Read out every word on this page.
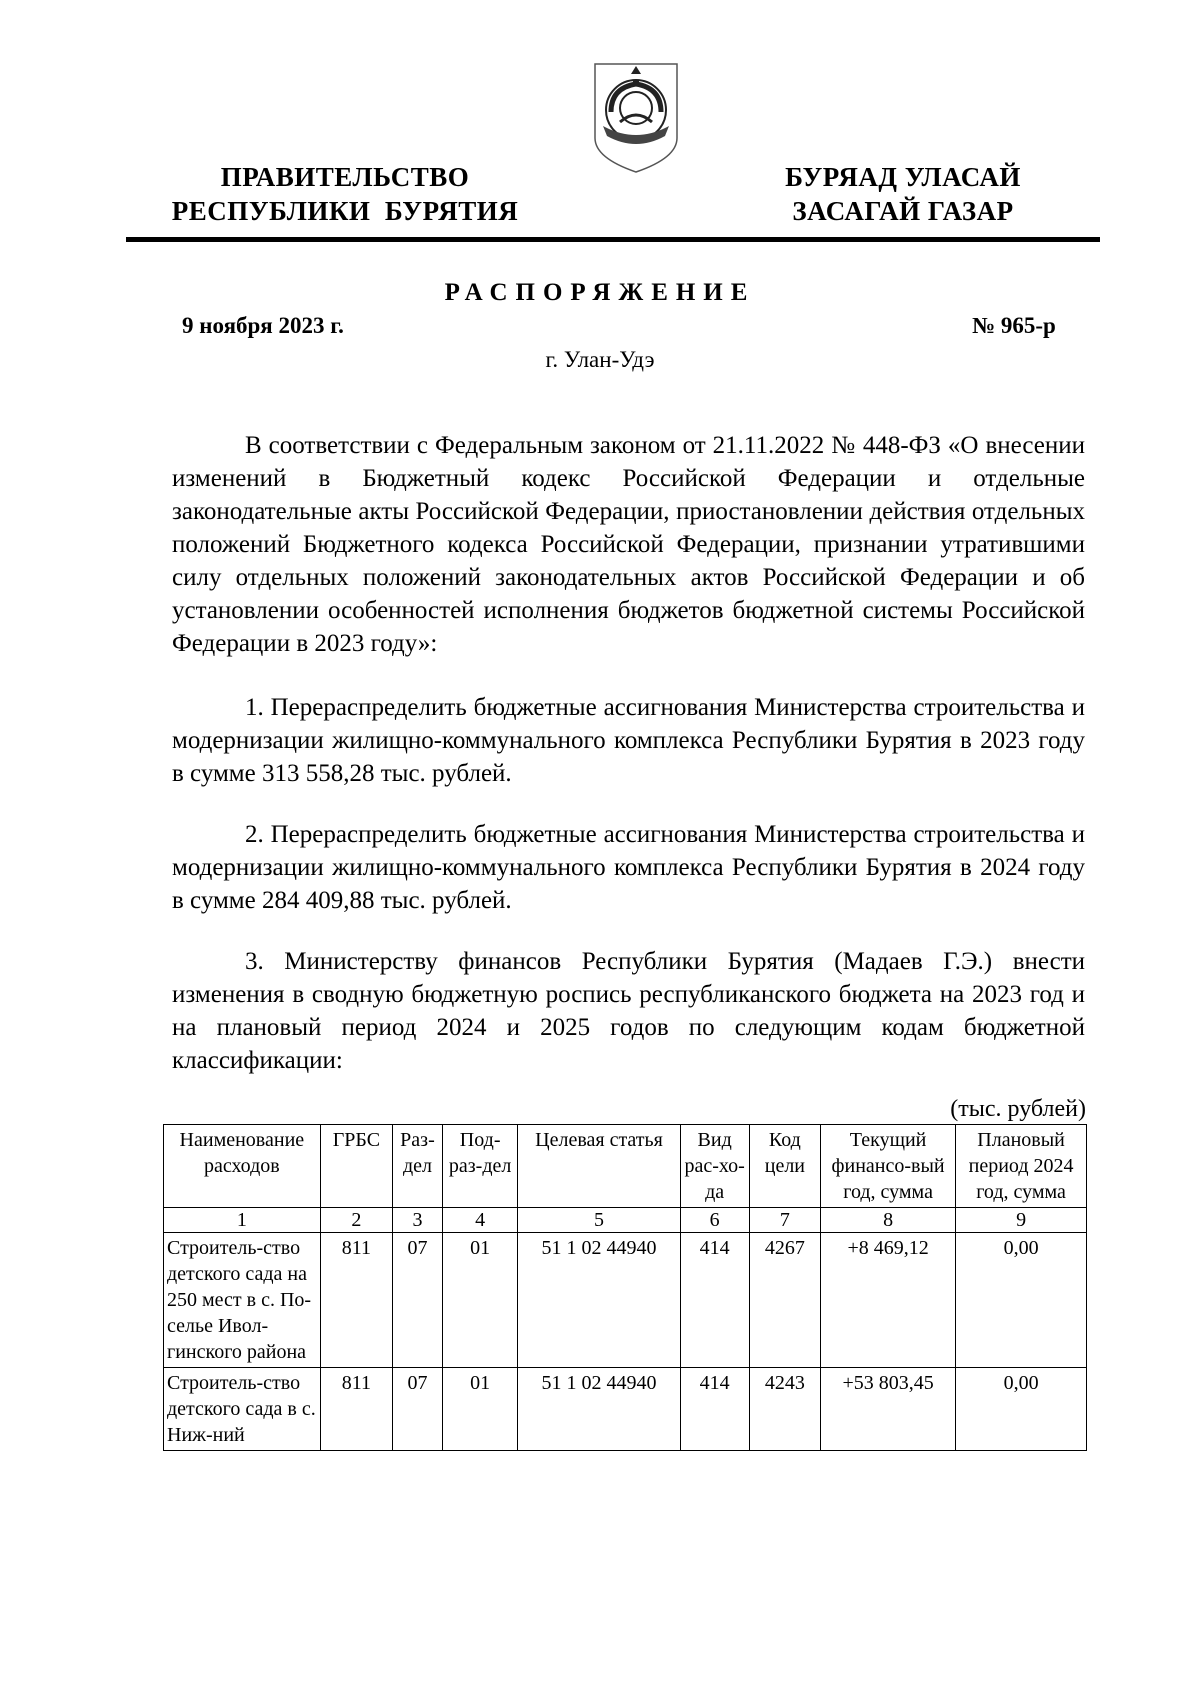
ПРАВИТЕЛЬСТВО
РЕСПУБЛИКИ  БУРЯТИЯ
БУРЯАД УЛАСАЙ
ЗАСАГАЙ ГАЗАР
РАСПОРЯЖЕНИЕ
9 ноября 2023 г.	№ 965-р
г. Улан-Удэ

В соответствии с Федеральным законом от 21.11.2022 № 448-ФЗ «О внесении изменений в Бюджетный кодекс Российской Федерации и отдельные законодательные акты Российской Федерации, приостановлении действия отдельных положений Бюджетного кодекса Российской Федерации, признании утратившими силу отдельных положений законодательных актов Российской Федерации и об установлении особенностей исполнения бюджетов бюджетной системы Российской Федерации в 2023 году»:

1. Перераспределить бюджетные ассигнования Министерства строительства и модернизации жилищно-коммунального комплекса Республики Бурятия в 2023 году в сумме 313 558,28 тыс. рублей.

2. Перераспределить бюджетные ассигнования Министерства строительства и модернизации жилищно-коммунального комплекса Республики Бурятия в 2024 году в сумме 284 409,88 тыс. рублей.

3. Министерству финансов Республики Бурятия (Мадаев Г.Э.) внести изменения в сводную бюджетную роспись республиканского бюджета на 2023 год и на плановый период 2024 и 2025 годов по следующим кодам бюджетной классификации:

(тыс. рублей)
Наименование расходов	ГРБС	Раз-дел	Под-раз-дел	Целевая статья	Вид рас-хо-да	Код цели	Текущий финансо-вый год, сумма	Плановый период 2024 год, сумма
1	2	3	4	5	6	7	8	9
Строитель-ство детского сада на 250 мест в с. По-селье Ивол-гинского района	811	07	01	51 1 02 44940	414	4267	+8 469,12	0,00
Строитель-ство детского сада в с. Ниж-ний	811	07	01	51 1 02 44940	414	4243	+53 803,45	0,00
